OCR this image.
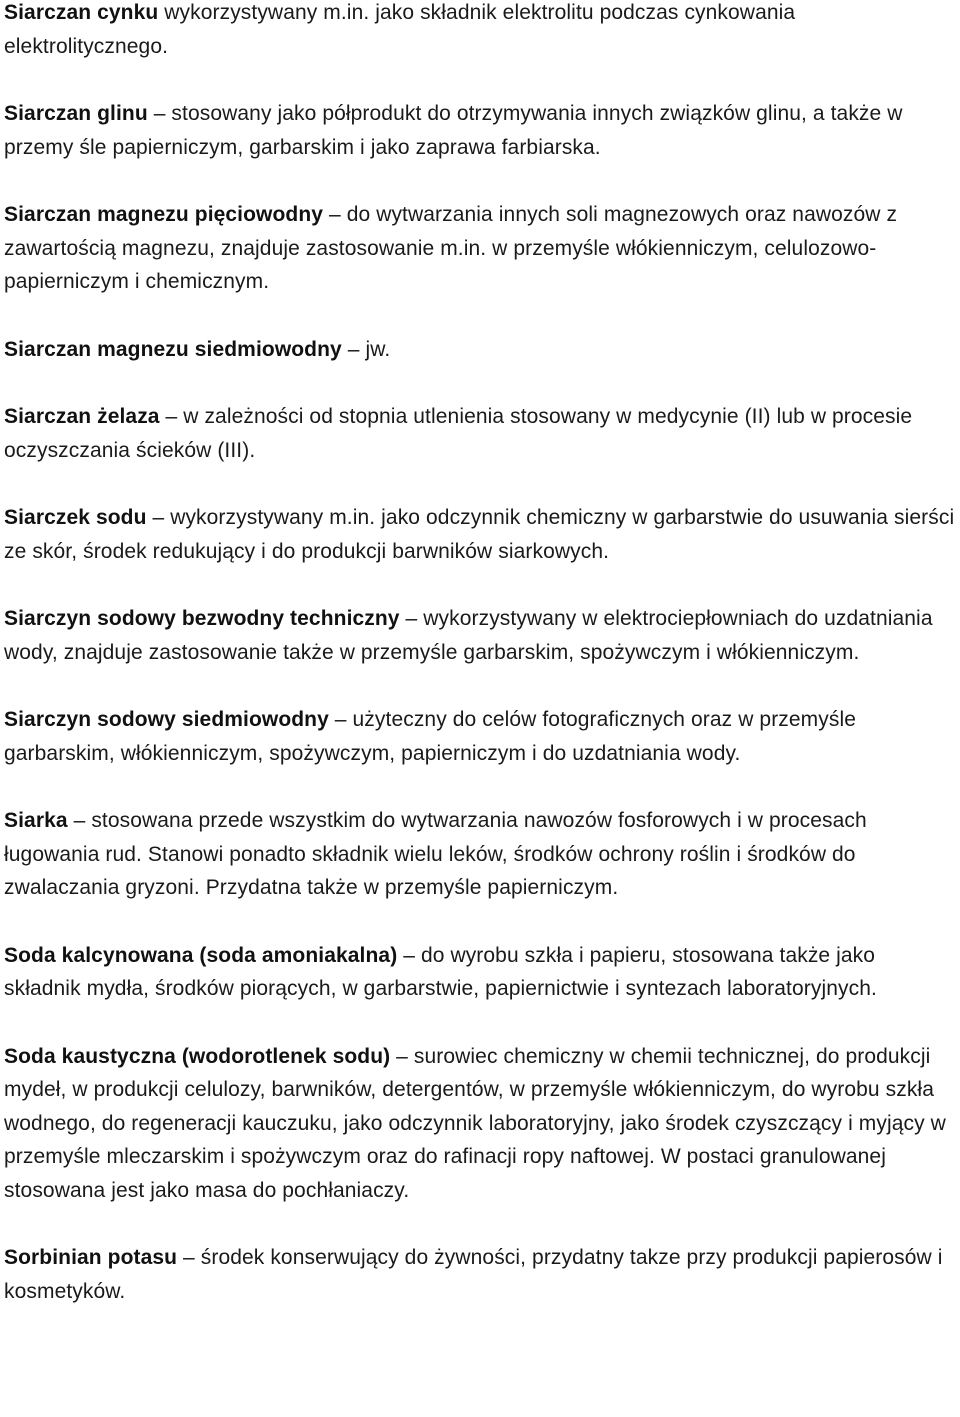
Siarczan cynku wykorzystywany m.in. jako składnik elektrolitu podczas cynkowania elektrolitycznego.

Siarczan glinu – stosowany jako półprodukt do otrzymywania innych związków glinu, a także w przemy śle papierniczym, garbarskim i jako zaprawa farbiarska.

Siarczan magnezu pięciowodny – do wytwarzania innych soli magnezowych oraz nawozów z zawartością magnezu, znajduje zastosowanie m.in. w przemyśle włókienniczym, celulozowo-papierniczym i chemicznym.

Siarczan magnezu siedmiowodny – jw.

Siarczan żelaza – w zależności od stopnia utlenienia stosowany w medycynie (II) lub w procesie oczyszczania ścieków (III).

Siarczek sodu – wykorzystywany m.in. jako odczynnik chemiczny w garbarstwie do usuwania sierści ze skór, środek redukujący i do produkcji barwników siarkowych.

Siarczyn sodowy bezwodny techniczny – wykorzystywany w elektrociepłowniach do uzdatniania wody, znajduje zastosowanie także w przemyśle garbarskim, spożywczym i włókienniczym.

Siarczyn sodowy siedmiowodny – użyteczny do celów fotograficznych oraz w przemyśle garbarskim, włókienniczym, spożywczym, papierniczym i do uzdatniania wody.

Siarka – stosowana przede wszystkim do wytwarzania nawozów fosforowych i w procesach ługowania rud. Stanowi ponadto składnik wielu leków, środków ochrony roślin i środków do zwalaczania gryzoni. Przydatna także w przemyśle papierniczym.

Soda kalcynowana (soda amoniakalna) – do wyrobu szkła i papieru, stosowana także jako składnik mydła, środków piorących, w garbarstwie, papiernictwie i syntezach laboratoryjnych.

Soda kaustyczna (wodorotlenek sodu) – surowiec chemiczny w chemii technicznej, do produkcji mydeł, w produkcji celulozy, barwników, detergentów, w przemyśle włókienniczym, do wyrobu szkła wodnego, do regeneracji kauczuku, jako odczynnik laboratoryjny, jako środek czyszczący i myjący w przemyśle mleczarskim i spożywczym oraz do rafinacji ropy naftowej. W postaci granulowanej stosowana jest jako masa do pochłaniaczy.

Sorbinian potasu – środek konserwujący do żywności, przydatny takze przy produkcji papierosów i kosmetyków.
